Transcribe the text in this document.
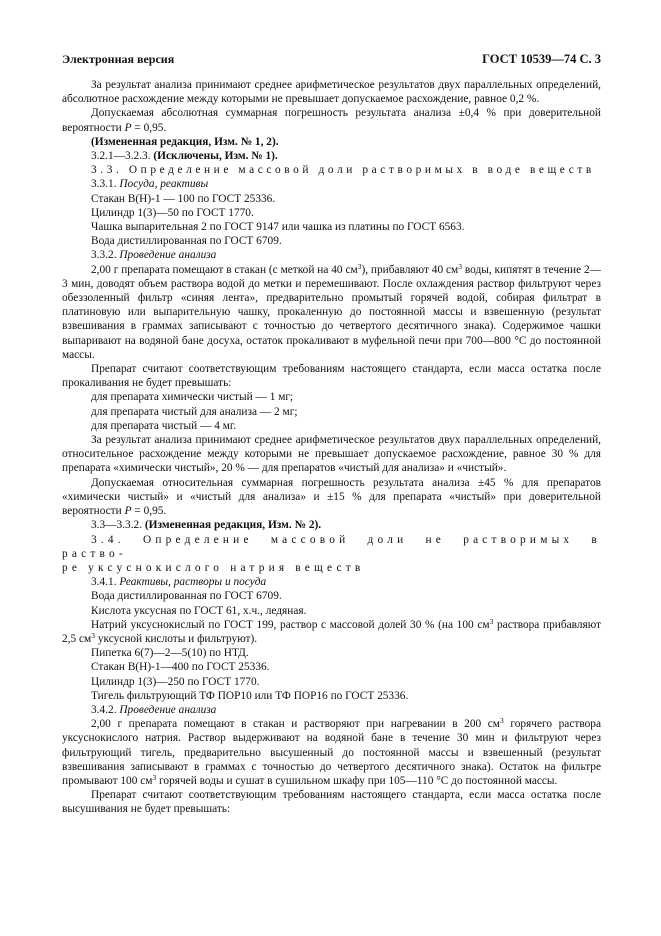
Электронная версия	ГОСТ 10539—74 С. 3

За результат анализа принимают среднее арифметическое результатов двух параллельных определений, абсолютное расхождение между которыми не превышает допускаемое расхождение, равное 0,2 %.

Допускаемая абсолютная суммарная погрешность результата анализа ±0,4 % при доверительной вероятности P = 0,95.

(Измененная редакция, Изм. № 1, 2).

3.2.1—3.2.3. (Исключены, Изм. № 1).

3.3. Определение массовой доли растворимых в воде веществ

3.3.1. Посуда, реактивы

Стакан В(Н)-1 — 100 по ГОСТ 25336.

Цилиндр 1(3)—50 по ГОСТ 1770.

Чашка выпарительная 2 по ГОСТ 9147 или чашка из платины по ГОСТ 6563.

Вода дистиллированная по ГОСТ 6709.

3.3.2. Проведение анализа

2,00 г препарата помещают в стакан (с меткой на 40 $см^3$), прибавляют 40 $см^3$ воды, кипятят в течение 2—3 мин, доводят объем раствора водой до метки и перемешивают. После охлаждения раствор фильтруют через обеззоленный фильтр «синяя лента», предварительно промытый горячей водой, собирая фильтрат в платиновую или выпарительную чашку, прокаленную до постоянной массы и взвешенную (результат взвешивания в граммах записывают с точностью до четвертого десятичного знака). Содержимое чашки выпаривают на водяной бане досуха, остаток прокаливают в муфельной печи при 700—800 °С до постоянной массы.

Препарат считают соответствующим требованиям настоящего стандарта, если масса остатка после прокаливания не будет превышать:

для препарата химически чистый — 1 мг;

для препарата чистый для анализа — 2 мг;

для препарата чистый — 4 мг.

За результат анализа принимают среднее арифметическое результатов двух параллельных определений, относительное расхождение между которыми не превышает допускаемое расхождение, равное 30 % для препарата «химически чистый», 20 % — для препаратов «чистый для анализа» и «чистый».

Допускаемая относительная суммарная погрешность результата анализа ±45 % для препаратов «химически чистый» и «чистый для анализа» и ±15 % для препарата «чистый» при доверительной вероятности P = 0,95.

3.3—3.3.2. (Измененная редакция, Изм. № 2).

3.4. Определение массовой доли не растворимых в раство-

ре уксуснокислого натрия веществ

3.4.1. Реактивы, растворы и посуда

Вода дистиллированная по ГОСТ 6709.

Кислота уксусная по ГОСТ 61, х.ч., ледяная.

Натрий уксуснокислый по ГОСТ 199, раствор с массовой долей 30 % (на 100 $см^3$ раствора прибавляют 2,5 $см^3$ уксусной кислоты и фильтруют).

Пипетка 6(7)—2—5(10) по НТД.

Стакан В(Н)-1—400 по ГОСТ 25336.

Цилиндр 1(3)—250 по ГОСТ 1770.

Тигель фильтрующий ТФ ПОР10 или ТФ ПОР16 по ГОСТ 25336.

3.4.2. Проведение анализа

2,00 г препарата помещают в стакан и растворяют при нагревании в 200 $см^3$ горячего раствора уксуснокислого натрия. Раствор выдерживают на водяной бане в течение 30 мин и фильтруют через фильтрующий тигель, предварительно высушенный до постоянной массы и взвешенный (результат взвешивания записывают в граммах с точностью до четвертого десятичного знака). Остаток на фильтре промывают 100 $см^3$ горячей воды и сушат в сушильном шкафу при 105—110 °С до постоянной массы.

Препарат считают соответствующим требованиям настоящего стандарта, если масса остатка после высушивания не будет превышать:
